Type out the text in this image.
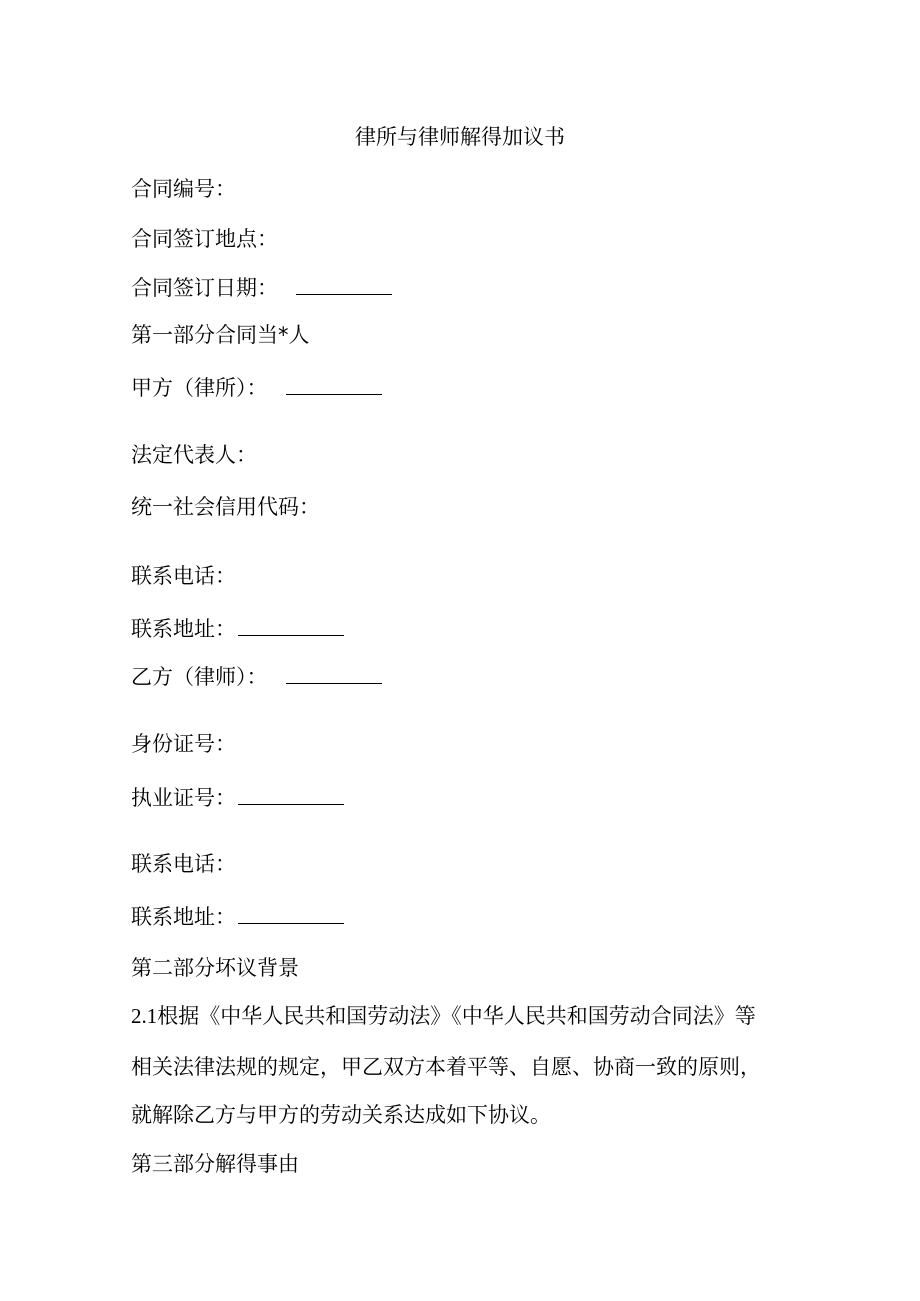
律所与律师解得加议书
合同编号：
合同签订地点：
合同签订日期：
第一部分合同当*人
甲方（律所）：
法定代表人：
统一社会信用代码：
联系电话：
联系地址：
乙方（律师）：
身份证号：
执业证号：
联系电话：
联系地址：
第二部分坏议背景
2.1根据《中华人民共和国劳动法》《中华人民共和国劳动合同法》等
相关法律法规的规定，甲乙双方本着平等、自愿、协商一致的原则，
就解除乙方与甲方的劳动关系达成如下协议。
第三部分解得事由
